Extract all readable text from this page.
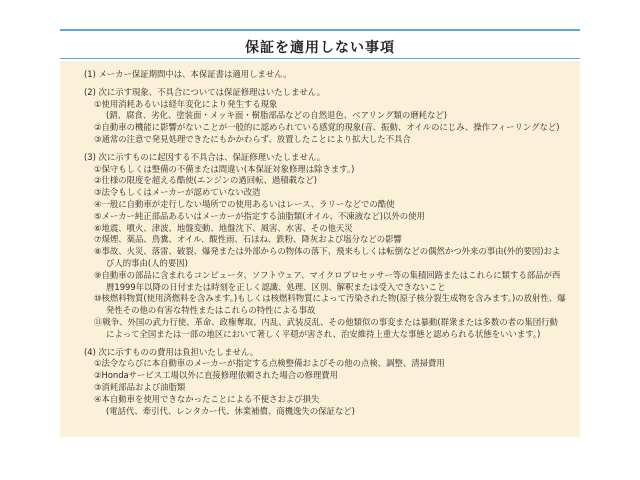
保証を適用しない事項

(1) メーカー保証期間中は、本保証書は適用しません。

(2) 次に示す現象、不具合については保証修理はいたしません。

①使用消耗あるいは経年変化により発生する現象

(錆、腐食、劣化、塗装面・メッキ面・樹脂部品などの自然退色、ベアリング類の磨耗など)

②自動車の機能に影響がないことが一般的に認められている感覚的現象(音、振動、オイルのにじみ、操作フィーリングなど)

③通常の注意で発見処理できたにもかかわらず、放置したことにより拡大した不具合

(3) 次に示すものに起因する不具合は、保証修理いたしません。

①保守もしくは整備の不備または間違い(本保証対象修理は除きます。)

②仕様の限度を超える酷使(エンジンの過回転、過積載など)

③法令もしくはメーカーが認めていない改造

④一般に自動車が走行しない場所での使用あるいはレース、ラリーなどでの酷使

⑤メーカー純正部品あるいはメーカーが指定する油脂類(オイル、不凍液など)以外の使用

⑥地震、噴火、津波、地盤変動、地盤沈下、風害、水害、その他天災

⑦煤煙、薬品、鳥糞、オイル、酸性雨、石ほね、鉄粉、降灰および塩分などの影響

⑧事故、火災、落雷、破裂、爆発または外部からの物体の落下、飛来もしくは転倒などの偶然かつ外来の事由(外的要因)および人的事由(人的要因)

⑨自動車の部品に含まれるコンピュータ、ソフトウェア、マイクロプロセッサー等の集積回路またはこれらに類する部品が西暦1999年以降の日付または時刻を正しく認識、処理、区別、解釈または受入できないこと

⑩核燃料物質(使用済燃料を含みます。)もしくは核燃料物質によって汚染された物(原子核分裂生成物を含みます。)の放射性、爆発性その他の有害な特性またはこれらの特性による事故

⑪戦争、外国の武力行使、革命、政権奪取、内乱、武装反乱、その他類似の事変または暴動(群衆または多数の者の集団行動によって全国または一部の地区において著しく平穏が害され、治安維持上重大な事態と認められる状態をいいます。)

(4) 次に示すものの費用は負担いたしません。

①法令ならびに本自動車のメーカーが指定する点検整備およびその他の点検、調整、清掃費用

②Hondaサービス工場以外に直接修理依頼された場合の修理費用

③消耗部品および油脂類

④本自動車を使用できなかったことによる不便さおよび損失

(電話代、牽引代、レンタカー代、休業補償、商機逸失の保証など)
